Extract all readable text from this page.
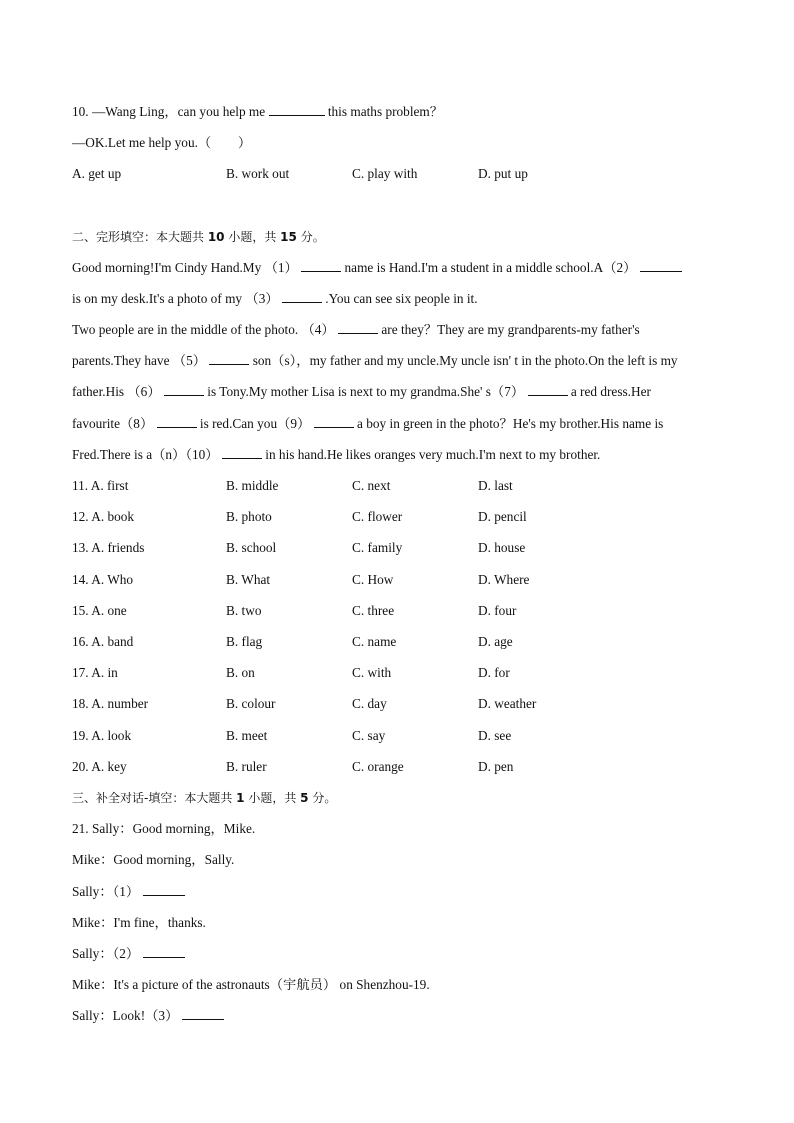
10. —Wang Ling，can you help me	this maths problem？
—OK.Let me help you.（　　）
A. get up	B. work out	C. play with	D. put up
二、完形填空：本大题共 10 小题，共 15 分。
Good morning!I'm Cindy Hand.My （1）	name is Hand.I'm a student in a middle school.A（2）
is on my desk.It's a photo of my （3）	.You can see six people in it.
Two people are in the middle of the photo. （4）	are they？They are my grandparents-my father's
parents.They have （5）	son（s），my father and my uncle.My uncle isn' t in the photo.On the left is my
father.His （6）	is Tony.My mother Lisa is next to my grandma.She' s（7）	a red dress.Her
favourite（8）	is red.Can you（9）	a boy in green in the photo？He's my brother.His name is
Fred.There is a（n）（10）	in his hand.He likes oranges very much.I'm next to my brother.
11. A. first	B. middle	C. next	D. last
12. A. book	B. photo	C. flower	D. pencil
13. A. friends	B. school	C. family	D. house
14. A. Who	B. What	C. How	D. Where
15. A. one	B. two	C. three	D. four
16. A. band	B. flag	C. name	D. age
17. A. in	B. on	C. with	D. for
18. A. number	B. colour	C. day	D. weather
19. A. look	B. meet	C. say	D. see
20. A. key	B. ruler	C. orange	D. pen
三、补全对话-填空：本大题共 1 小题，共 5 分。
21. Sally：Good morning，Mike.
Mike：Good morning，Sally.
Sally：（1）
Mike：I'm fine，thanks.
Sally：（2）
Mike：It's a picture of the astronauts（宇航员） on Shenzhou-19.
Sally：Look!（3）
